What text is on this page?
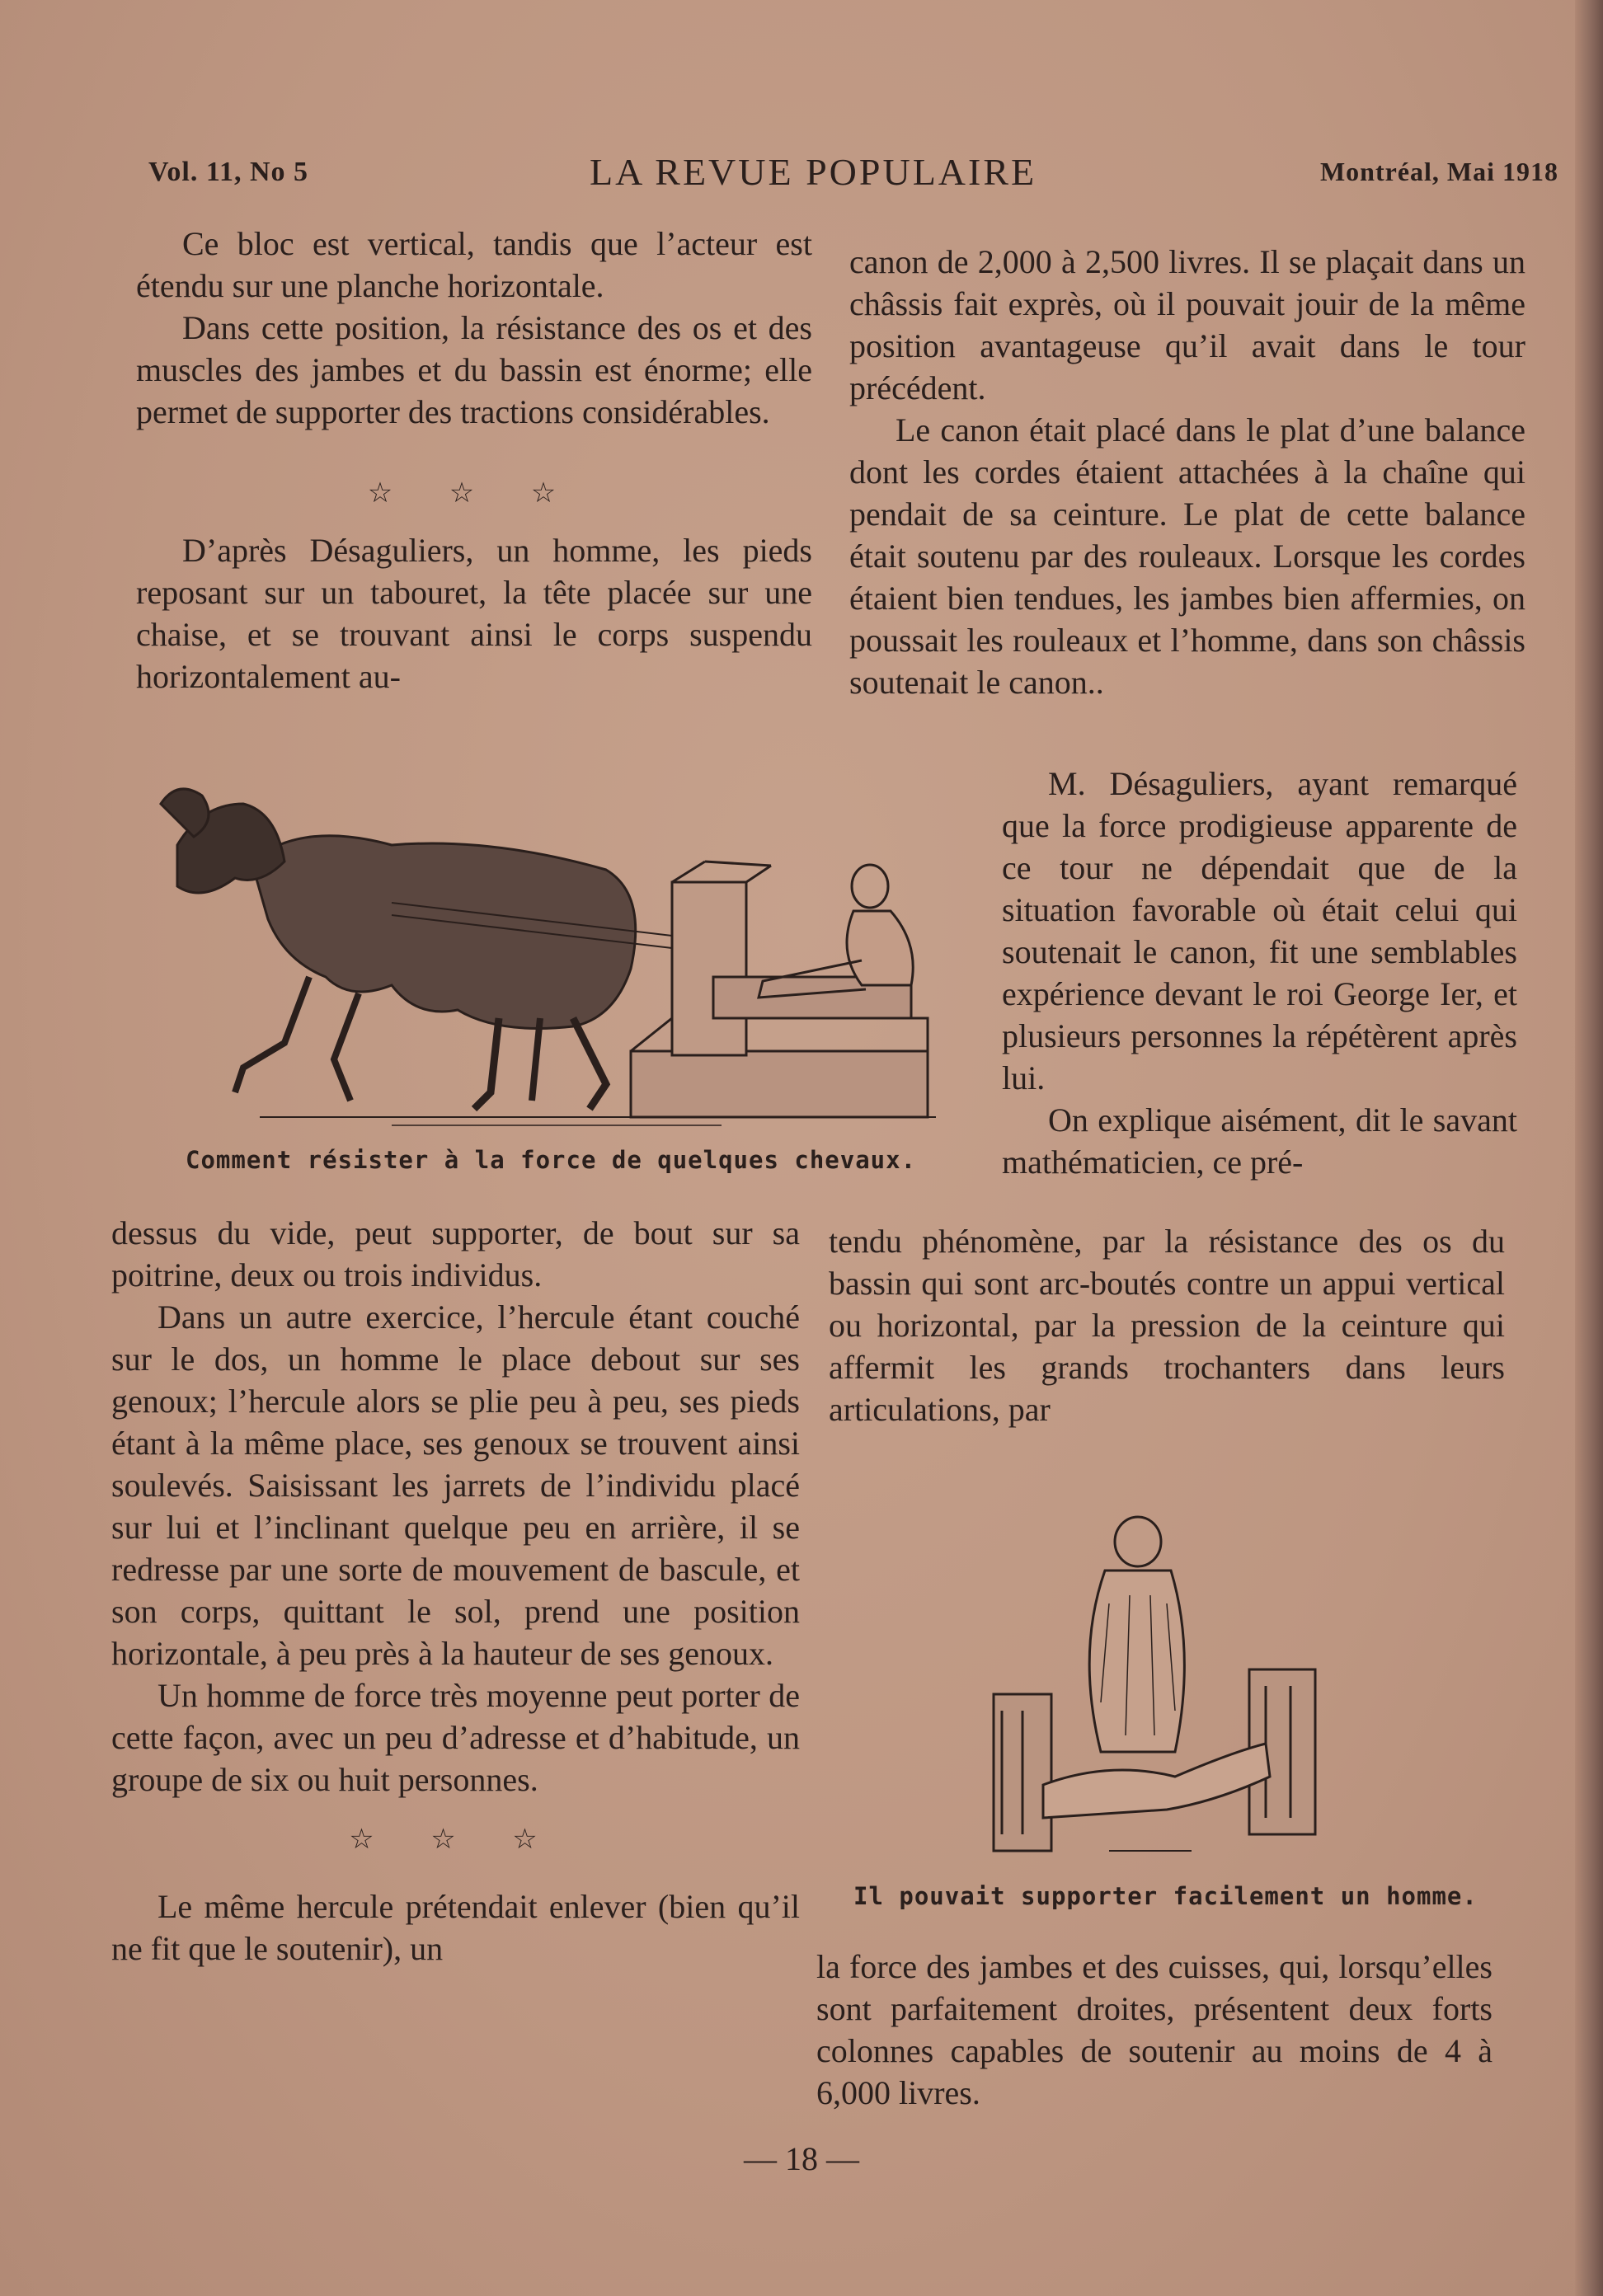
Vol. 11, No 5	LA REVUE POPULAIRE	Montréal, Mai 1918

Ce bloc est vertical, tandis que l’acteur est étendu sur une planche horizontale.

Dans cette position, la résistance des os et des muscles des jambes et du bassin est énorme; elle permet de supporter des tractions considérables.

☆ ☆ ☆

D’après Désaguliers, un homme, les pieds reposant sur un tabouret, la tête placée sur une chaise, et se trouvant ainsi le corps suspendu horizontalement au-

canon de 2,000 à 2,500 livres. Il se plaçait dans un châssis fait exprès, où il pouvait jouir de la même position avantageuse qu’il avait dans le tour précédent.

Le canon était placé dans le plat d’une balance dont les cordes étaient attachées à la chaîne qui pendait de sa ceinture. Le plat de cette balance était soutenu par des rouleaux. Lorsque les cordes étaient bien tendues, les jambes bien affermies, on poussait les rouleaux et l’homme, dans son châssis soutenait le canon..

M. Désaguliers, ayant remarqué que la force prodigieuse apparente de ce tour ne dépendait que de la situation favorable où était celui qui soutenait le canon, fit une semblables expérience devant le roi George Ier, et plusieurs personnes la répétèrent après lui.

On explique aisément, dit le savant mathématicien, ce pré-

Comment résister à la force de quelques chevaux.

dessus du vide, peut supporter, de bout sur sa poitrine, deux ou trois individus.

Dans un autre exercice, l’hercule étant couché sur le dos, un homme le place debout sur ses genoux; l’hercule alors se plie peu à peu, ses pieds étant à la même place, ses genoux se trouvent ainsi soulevés. Saisissant les jarrets de l’individu placé sur lui et l’inclinant quelque peu en arrière, il se redresse par une sorte de mouvement de bascule, et son corps, quittant le sol, prend une position horizontale, à peu près à la hauteur de ses genoux.

Un homme de force très moyenne peut porter de cette façon, avec un peu d’adresse et d’habitude, un groupe de six ou huit personnes.

☆ ☆ ☆

Le même hercule prétendait enlever (bien qu’il ne fit que le soutenir), un

tendu phénomène, par la résistance des os du bassin qui sont arc-boutés contre un appui vertical ou horizontal, par la pression de la ceinture qui affermit les grands trochanters dans leurs articulations, par

Il pouvait supporter facilement un homme.

la force des jambes et des cuisses, qui, lorsqu’elles sont parfaitement droites, présentent deux forts colonnes capables de soutenir au moins de 4 à 6,000 livres.

— 18 —
